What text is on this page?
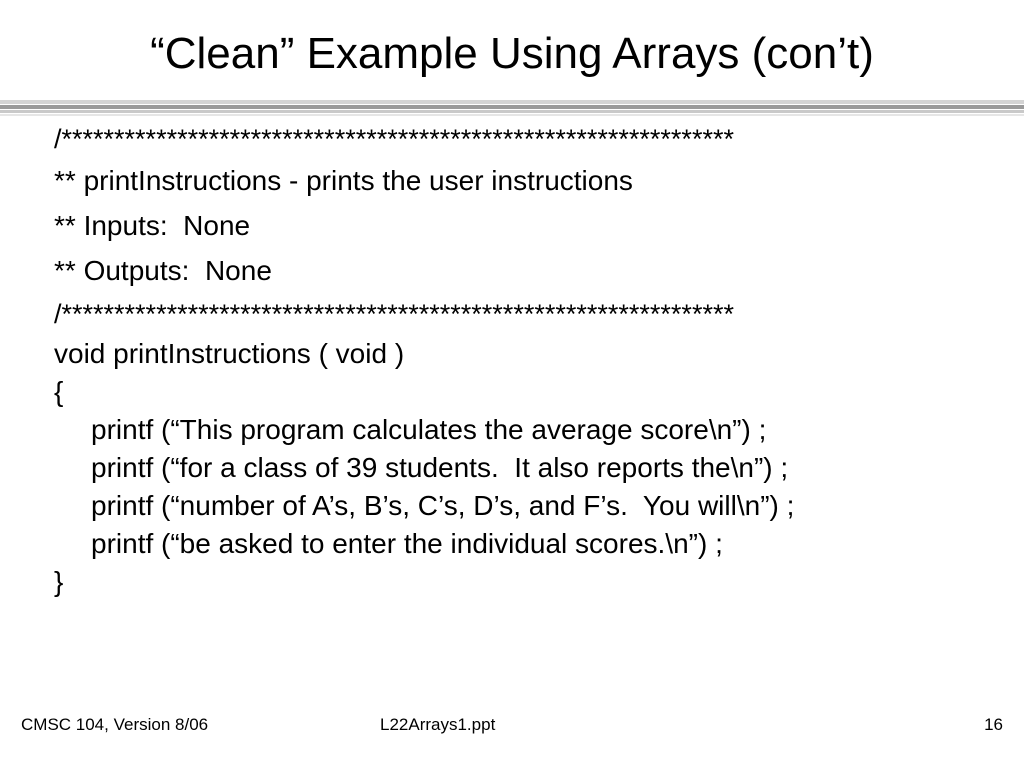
“Clean” Example Using Arrays (con’t)
/****************************************************************
** printInstructions - prints the user instructions
** Inputs:  None
** Outputs:  None
/****************************************************************
void printInstructions ( void )
{
printf (“This program calculates the average score\n”) ;
printf (“for a class of 39 students.  It also reports the\n”) ;
printf (“number of A’s, B’s, C’s, D’s, and F’s.  You will\n”) ;
printf (“be asked to enter the individual scores.\n”) ;
}
CMSC 104, Version 8/06	L22Arrays1.ppt	16
